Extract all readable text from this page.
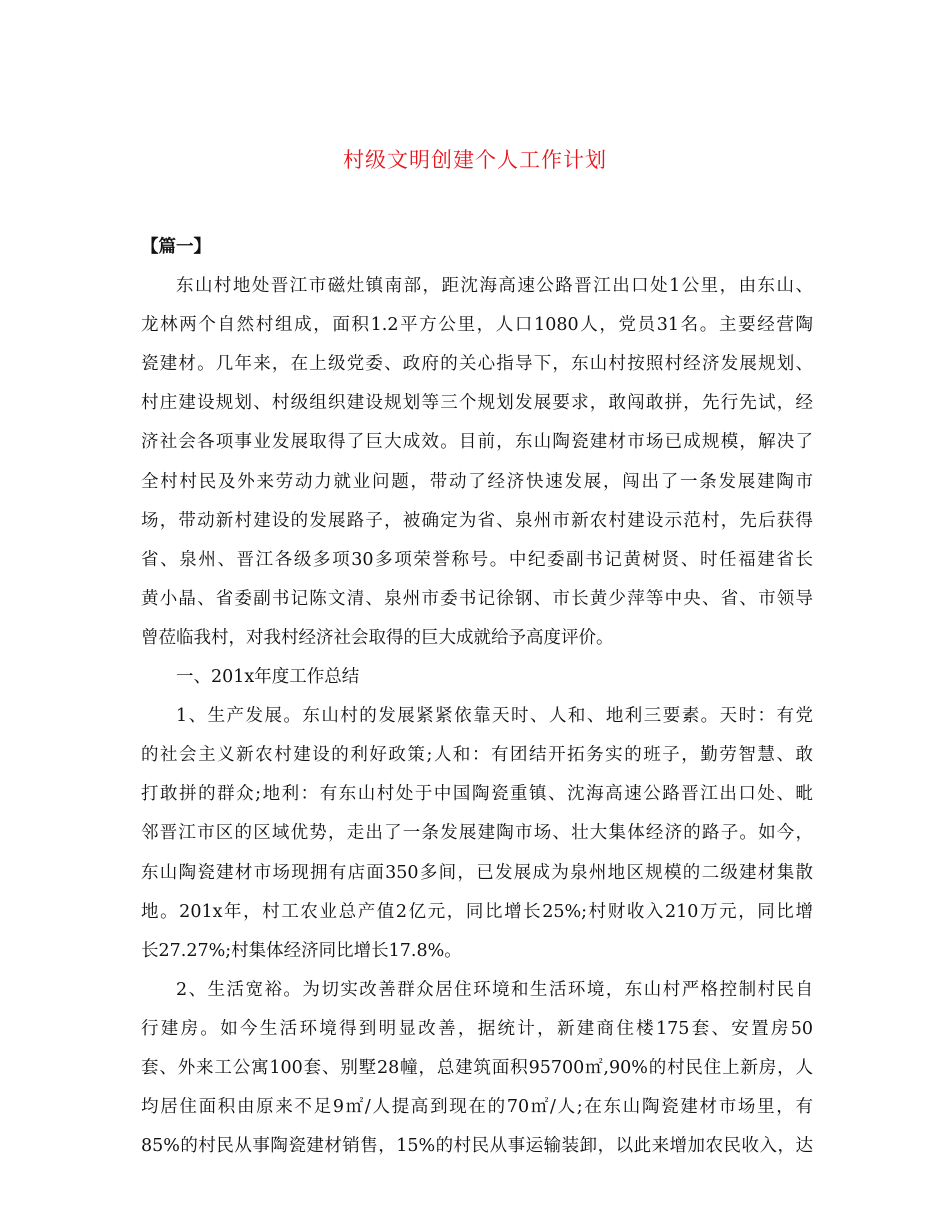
村级文明创建个人工作计划
【篇一】
东山村地处晋江市磁灶镇南部，距沈海高速公路晋江出口处1公里，由东山、
龙林两个自然村组成，面积1.2平方公里，人口1080人，党员31名。主要经营陶
瓷建材。几年来，在上级党委、政府的关心指导下，东山村按照村经济发展规划、
村庄建设规划、村级组织建设规划等三个规划发展要求，敢闯敢拼，先行先试，经
济社会各项事业发展取得了巨大成效。目前，东山陶瓷建材市场已成规模，解决了
全村村民及外来劳动力就业问题，带动了经济快速发展，闯出了一条发展建陶市
场，带动新村建设的发展路子，被确定为省、泉州市新农村建设示范村，先后获得
省、泉州、晋江各级多项30多项荣誉称号。中纪委副书记黄树贤、时任福建省长
黄小晶、省委副书记陈文清、泉州市委书记徐钢、市长黄少萍等中央、省、市领导
曾莅临我村，对我村经济社会取得的巨大成就给予高度评价。
一、201x年度工作总结
1、生产发展。东山村的发展紧紧依靠天时、人和、地利三要素。天时：有党
的社会主义新农村建设的利好政策;人和：有团结开拓务实的班子，勤劳智慧、敢
打敢拼的群众;地利：有东山村处于中国陶瓷重镇、沈海高速公路晋江出口处、毗
邻晋江市区的区域优势，走出了一条发展建陶市场、壮大集体经济的路子。如今，
东山陶瓷建材市场现拥有店面350多间，已发展成为泉州地区规模的二级建材集散
地。201x年，村工农业总产值2亿元，同比增长25%;村财收入210万元，同比增
长27.27%;村集体经济同比增长17.8%。
2、生活宽裕。为切实改善群众居住环境和生活环境，东山村严格控制村民自
行建房。如今生活环境得到明显改善，据统计，新建商住楼175套、安置房50
套、外来工公寓100套、别墅28幢，总建筑面积95700㎡,90%的村民住上新房，人
均居住面积由原来不足9㎡/人提高到现在的70㎡/人;在东山陶瓷建材市场里，有
85%的村民从事陶瓷建材销售，15%的村民从事运输装卸，以此来增加农民收入，达
